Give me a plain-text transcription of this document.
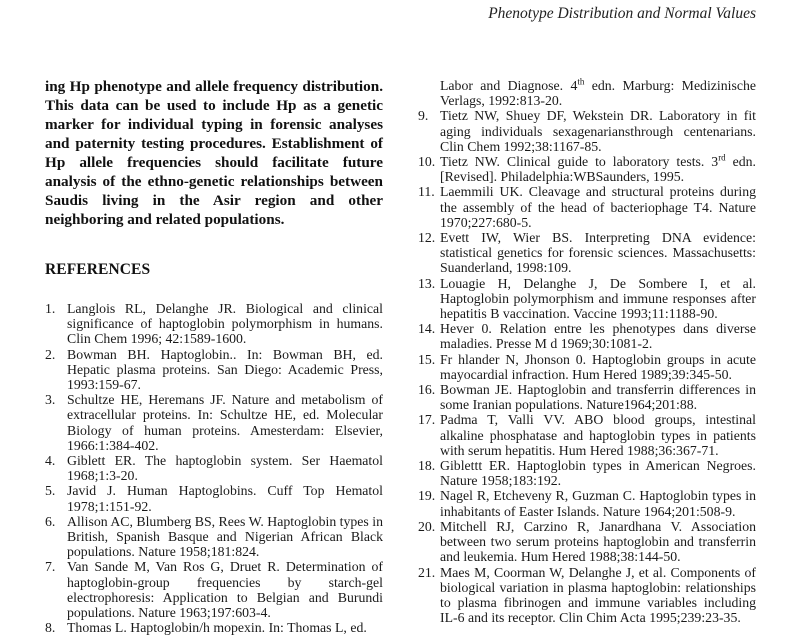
Phenotype Distribution and Normal Values

ing Hp phenotype and allele frequency distribution. This data can be used to include Hp as a genetic marker for individual typing in forensic analyses and paternity testing procedures. Establishment of Hp allele frequencies should facilitate future analysis of the ethno-genetic relationships between Saudis living in the Asir region and other neighboring and related populations.

REFERENCES
1. Langlois RL, Delanghe JR. Biological and clinical significance of haptoglobin polymorphism in humans. Clin Chem 1996; 42:1589-1600.
2. Bowman BH. Haptoglobin.. In: Bowman BH, ed. Hepatic plasma proteins. San Diego: Academic Press, 1993:159-67.
3. Schultze HE, Heremans JF. Nature and metabolism of extracellular proteins. In: Schultze HE, ed. Molecular Biology of human proteins. Amesterdam: Elsevier, 1966:1:384-402.
4. Giblett ER. The haptoglobin system. Ser Haematol 1968;1:3-20.
5. Javid J. Human Haptoglobins. Cuff Top Hematol 1978;1:151-92.
6. Allison AC, Blumberg BS, Rees W. Haptoglobin types in British, Spanish Basque and Nigerian African Black populations. Nature 1958;181:824.
7. Van Sande M, Van Ros G, Druet R. Determination of haptoglobin-group frequencies by starch-gel electrophoresis: Application to Belgian and Burundi populations. Nature 1963;197:603-4.
8. Thomas L. Haptoglobin/h mopexin. In: Thomas L, ed.
Labor and Diagnose. 4th edn. Marburg: Medizinische Verlags, 1992:813-20.
9. Tietz NW, Shuey DF, Wekstein DR. Laboratory in fit aging individuals sexagenariansthrough centenarians. Clin Chem 1992;38:1167-85.
10. Tietz NW. Clinical guide to laboratory tests. 3rd edn. [Revised]. Philadelphia:WBSaunders, 1995.
11. Laemmili UK. Cleavage and structural proteins during the assembly of the head of bacteriophage T4. Nature 1970;227:680-5.
12. Evett IW, Wier BS. Interpreting DNA evidence: statistical genetics for forensic sciences. Massachusetts: Suanderland, 1998:109.
13. Louagie H, Delanghe J, De Sombere I, et al. Haptoglobin polymorphism and immune responses after hepatitis B vaccination. Vaccine 1993;11:1188-90.
14. Hever 0. Relation entre les phenotypes dans diverse maladies. Presse M d 1969;30:1081-2.
15. Fr hlander N, Jhonson 0. Haptoglobin groups in acute mayocardial infraction. Hum Hered 1989;39:345-50.
16. Bowman JE. Haptoglobin and transferrin differences in some Iranian populations. Nature1964;201:88.
17. Padma T, Valli VV. ABO blood groups, intestinal alkaline phosphatase and haptoglobin types in patients with serum hepatitis. Hum Hered 1988;36:367-71.
18. Giblettt ER. Haptoglobin types in American Negroes. Nature 1958;183:192.
19. Nagel R, Etcheveny R, Guzman C. Haptoglobin types in inhabitants of Easter Islands. Nature 1964;201:508-9.
20. Mitchell RJ, Carzino R, Janardhana V. Association between two serum proteins haptoglobin and transferrin and leukemia. Hum Hered 1988;38:144-50.
21. Maes M, Coorman W, Delanghe J, et al. Components of biological variation in plasma haptoglobin: relationships to plasma fibrinogen and immune variables including IL-6 and its receptor. Clin Chim Acta 1995;239:23-35.
